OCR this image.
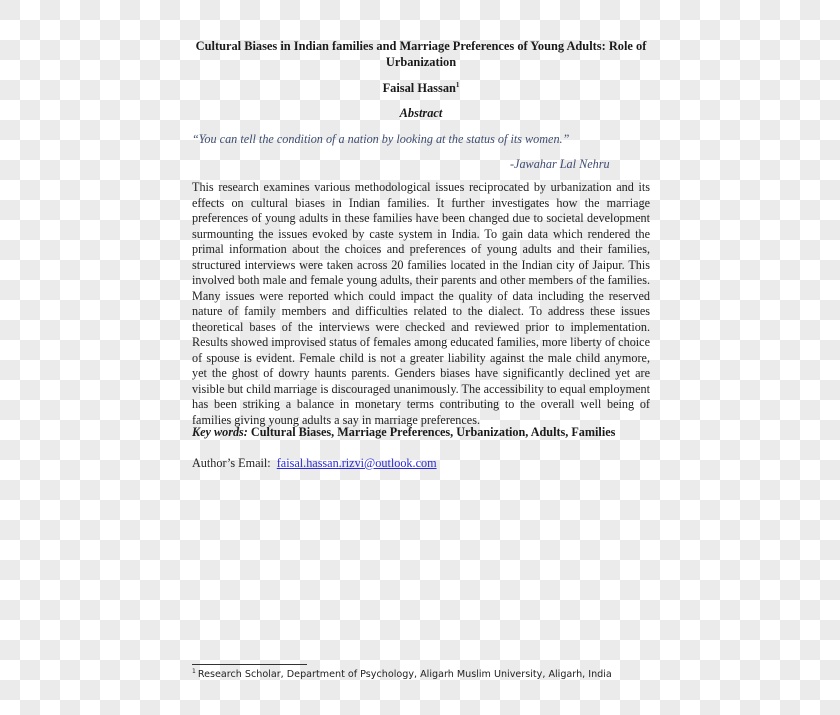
Cultural Biases in Indian families and Marriage Preferences of Young Adults: Role of Urbanization
Faisal Hassan$^1$
Abstract
“You can tell the condition of a nation by looking at the status of its women.”
-Jawahar Lal Nehru
This research examines various methodological issues reciprocated by urbanization and its effects on cultural biases in Indian families. It further investigates how the marriage preferences of young adults in these families have been changed due to societal development surmounting the issues evoked by caste system in India. To gain data which rendered the primal information about the choices and preferences of young adults and their families, structured interviews were taken across 20 families located in the Indian city of Jaipur. This involved both male and female young adults, their parents and other members of the families. Many issues were reported which could impact the quality of data including the reserved nature of family members and difficulties related to the dialect. To address these issues theoretical bases of the interviews were checked and reviewed prior to implementation. Results showed improvised status of females among educated families, more liberty of choice of spouse is evident. Female child is not a greater liability against the male child anymore, yet the ghost of dowry haunts parents. Genders biases have significantly declined yet are visible but child marriage is discouraged unanimously. The accessibility to equal employment has been striking a balance in monetary terms contributing to the overall well being of families giving young adults a say in marriage preferences.
Key words: Cultural Biases, Marriage Preferences, Urbanization, Adults, Families
Author’s Email: faisal.hassan.rizvi@outlook.com
$^1$ Research Scholar, Department of Psychology, Aligarh Muslim University, Aligarh, India
